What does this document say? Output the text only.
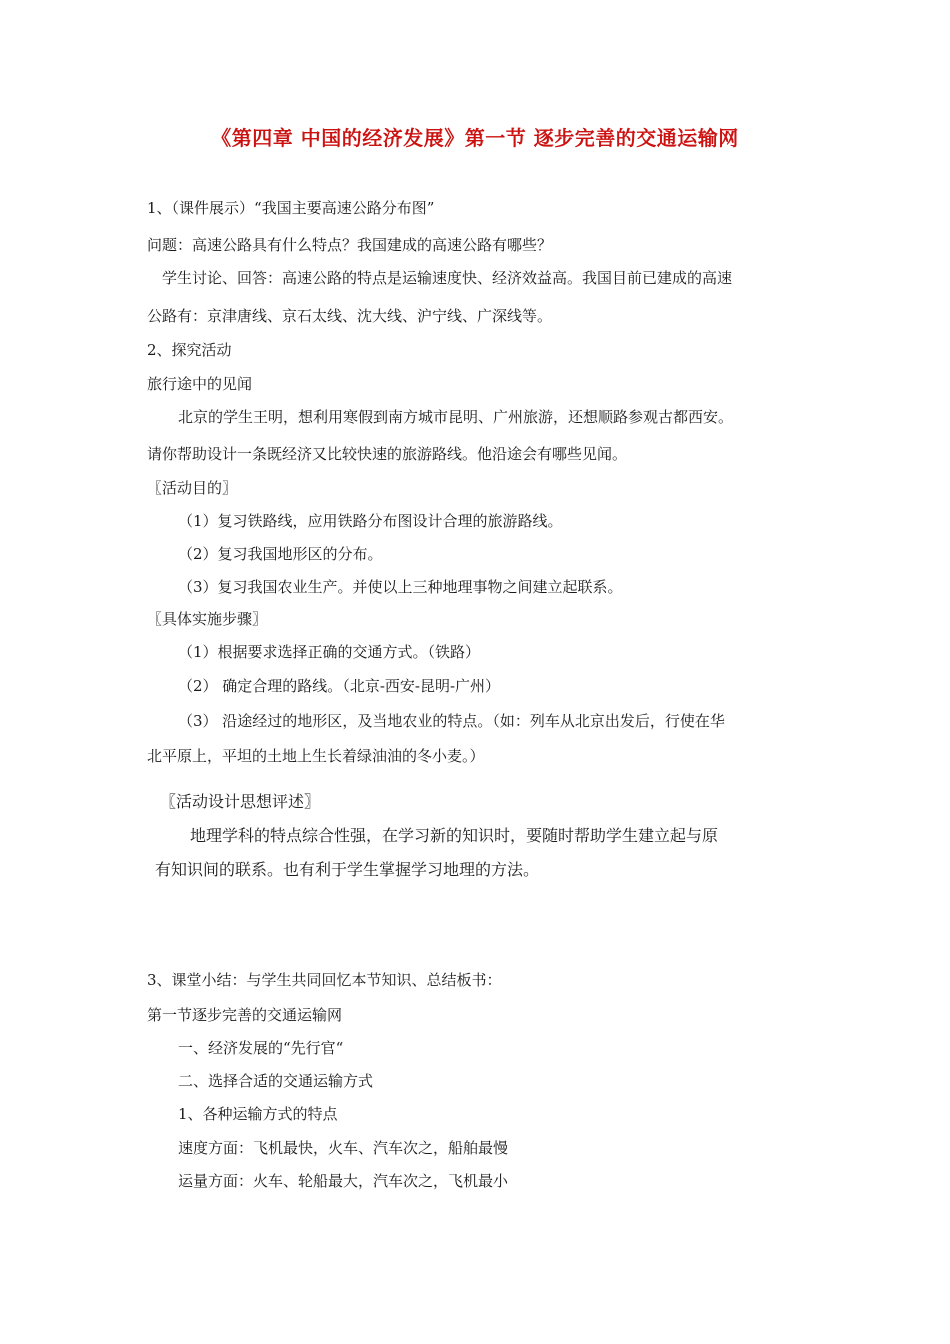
《第四章 中国的经济发展》第一节 逐步完善的交通运输网
1、（课件展示）“我国主要高速公路分布图”
问题：高速公路具有什么特点？我国建成的高速公路有哪些？
学生讨论、回答：高速公路的特点是运输速度快、经济效益高。我国目前已建成的高速
公路有：京津唐线、京石太线、沈大线、沪宁线、广深线等。
2、探究活动
旅行途中的见闻
北京的学生王明，想利用寒假到南方城市昆明、广州旅游，还想顺路参观古都西安。
请你帮助设计一条既经济又比较快速的旅游路线。他沿途会有哪些见闻。
〖活动目的〗
（1）复习铁路线，应用铁路分布图设计合理的旅游路线。
（2）复习我国地形区的分布。
（3）复习我国农业生产。并使以上三种地理事物之间建立起联系。
〖具体实施步骤〗
（1）根据要求选择正确的交通方式。（铁路）
（2） 确定合理的路线。（北京-西安-昆明-广州）
（3） 沿途经过的地形区，及当地农业的特点。（如：列车从北京出发后，行使在华
北平原上，平坦的土地上生长着绿油油的冬小麦。）
〖活动设计思想评述〗
地理学科的特点综合性强，在学习新的知识时，要随时帮助学生建立起与原
有知识间的联系。也有利于学生掌握学习地理的方法。
3、课堂小结：与学生共同回忆本节知识、总结板书：
第一节逐步完善的交通运输网
一、经济发展的“先行官“
二、选择合适的交通运输方式
1、各种运输方式的特点
速度方面：飞机最快，火车、汽车次之，船舶最慢
运量方面：火车、轮船最大，汽车次之，飞机最小
